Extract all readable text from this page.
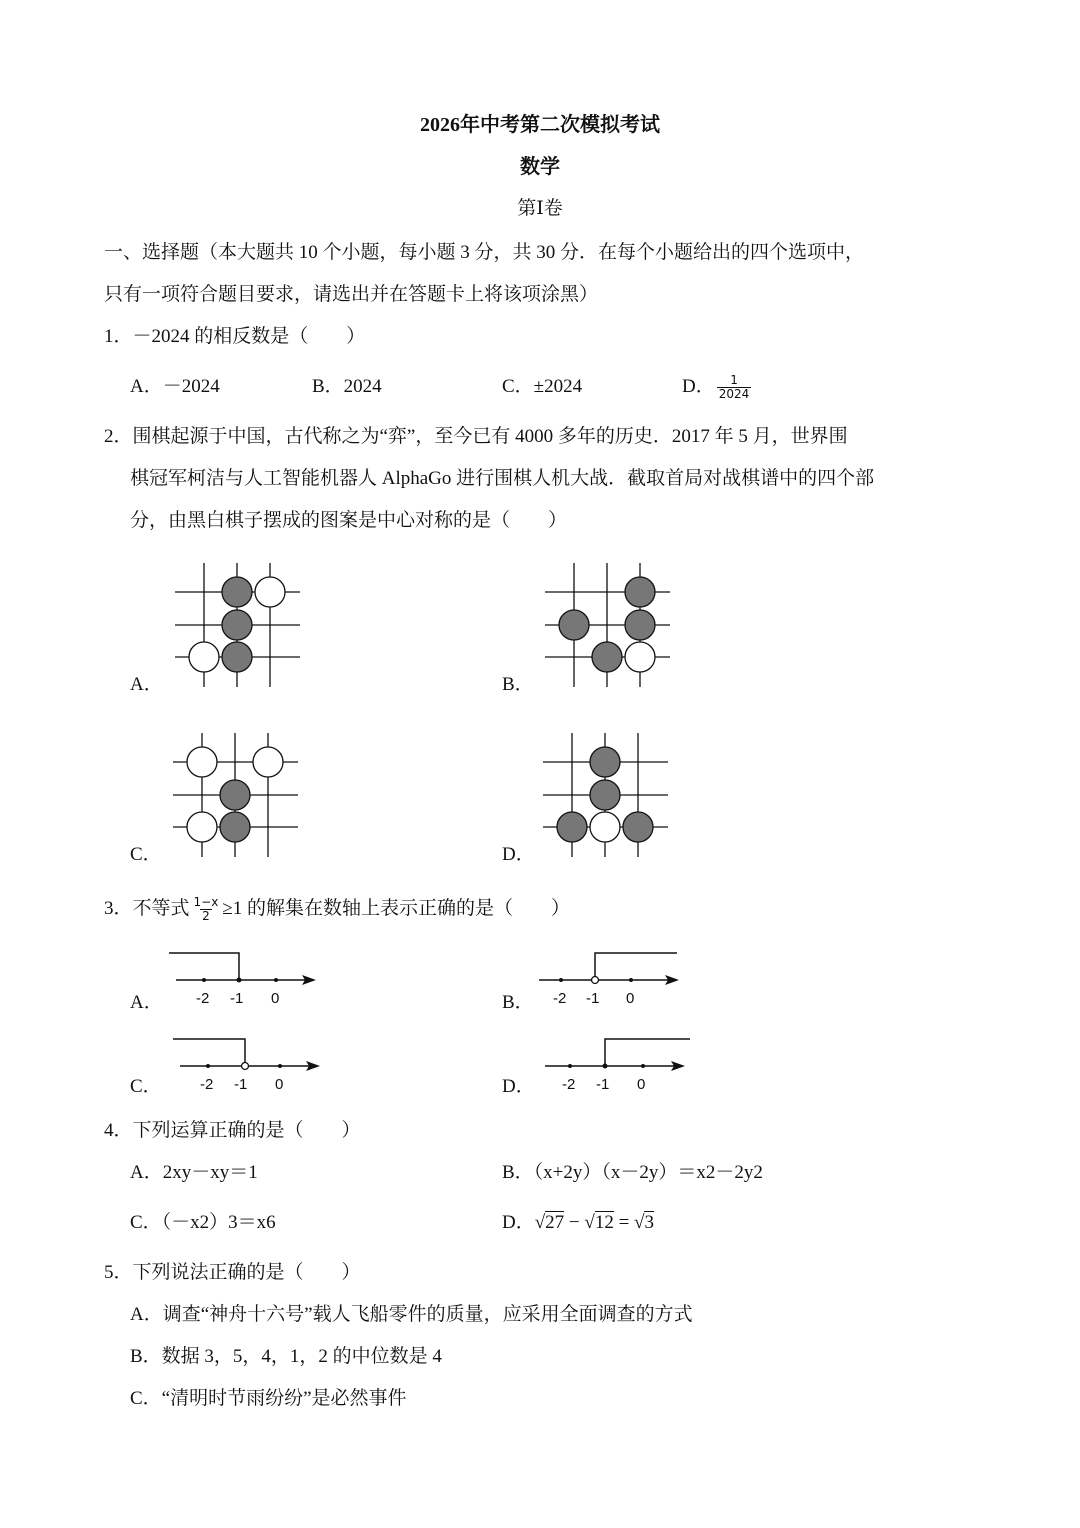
2026年中考第二次模拟考试
数学
第Ⅰ卷
一、选择题（本大题共 10 个小题，每小题 3 分，共 30 分．在每个小题给出的四个选项中，
只有一项符合题目要求，请选出并在答题卡上将该项涂黑）
1．－2024 的相反数是（　　）
A．－2024	B．2024	C．±2024	D． $\frac{1}{2024}$
2．围棋起源于中国，古代称之为“弈”，至今已有 4000 多年的历史．2017 年 5 月，世界围
棋冠军柯洁与人工智能机器人 AlphaGo 进行围棋人机大战．截取首局对战棋谱中的四个部
分，由黑白棋子摆成的图案是中心对称的是（　　）
A．	B．
C．	D．
3．不等式 $\frac{1-x}{2} \ge 1$ 的解集在数轴上表示正确的是（　　）
A．	B．
C．	D．
-2 -1 0	-2 -1 0
-2 -1 0	-2 -1 0
4．下列运算正确的是（　　）
A．2xy－xy＝1	B．（x+2y）（x－2y）＝x2－2y2
C．（－x2）3＝x6	D．√27 − √12 = √3
5．下列说法正确的是（　　）
A．调查“神舟十六号”载人飞船零件的质量，应采用全面调查的方式
B．数据 3，5，4，1，2 的中位数是 4
C．“清明时节雨纷纷”是必然事件
